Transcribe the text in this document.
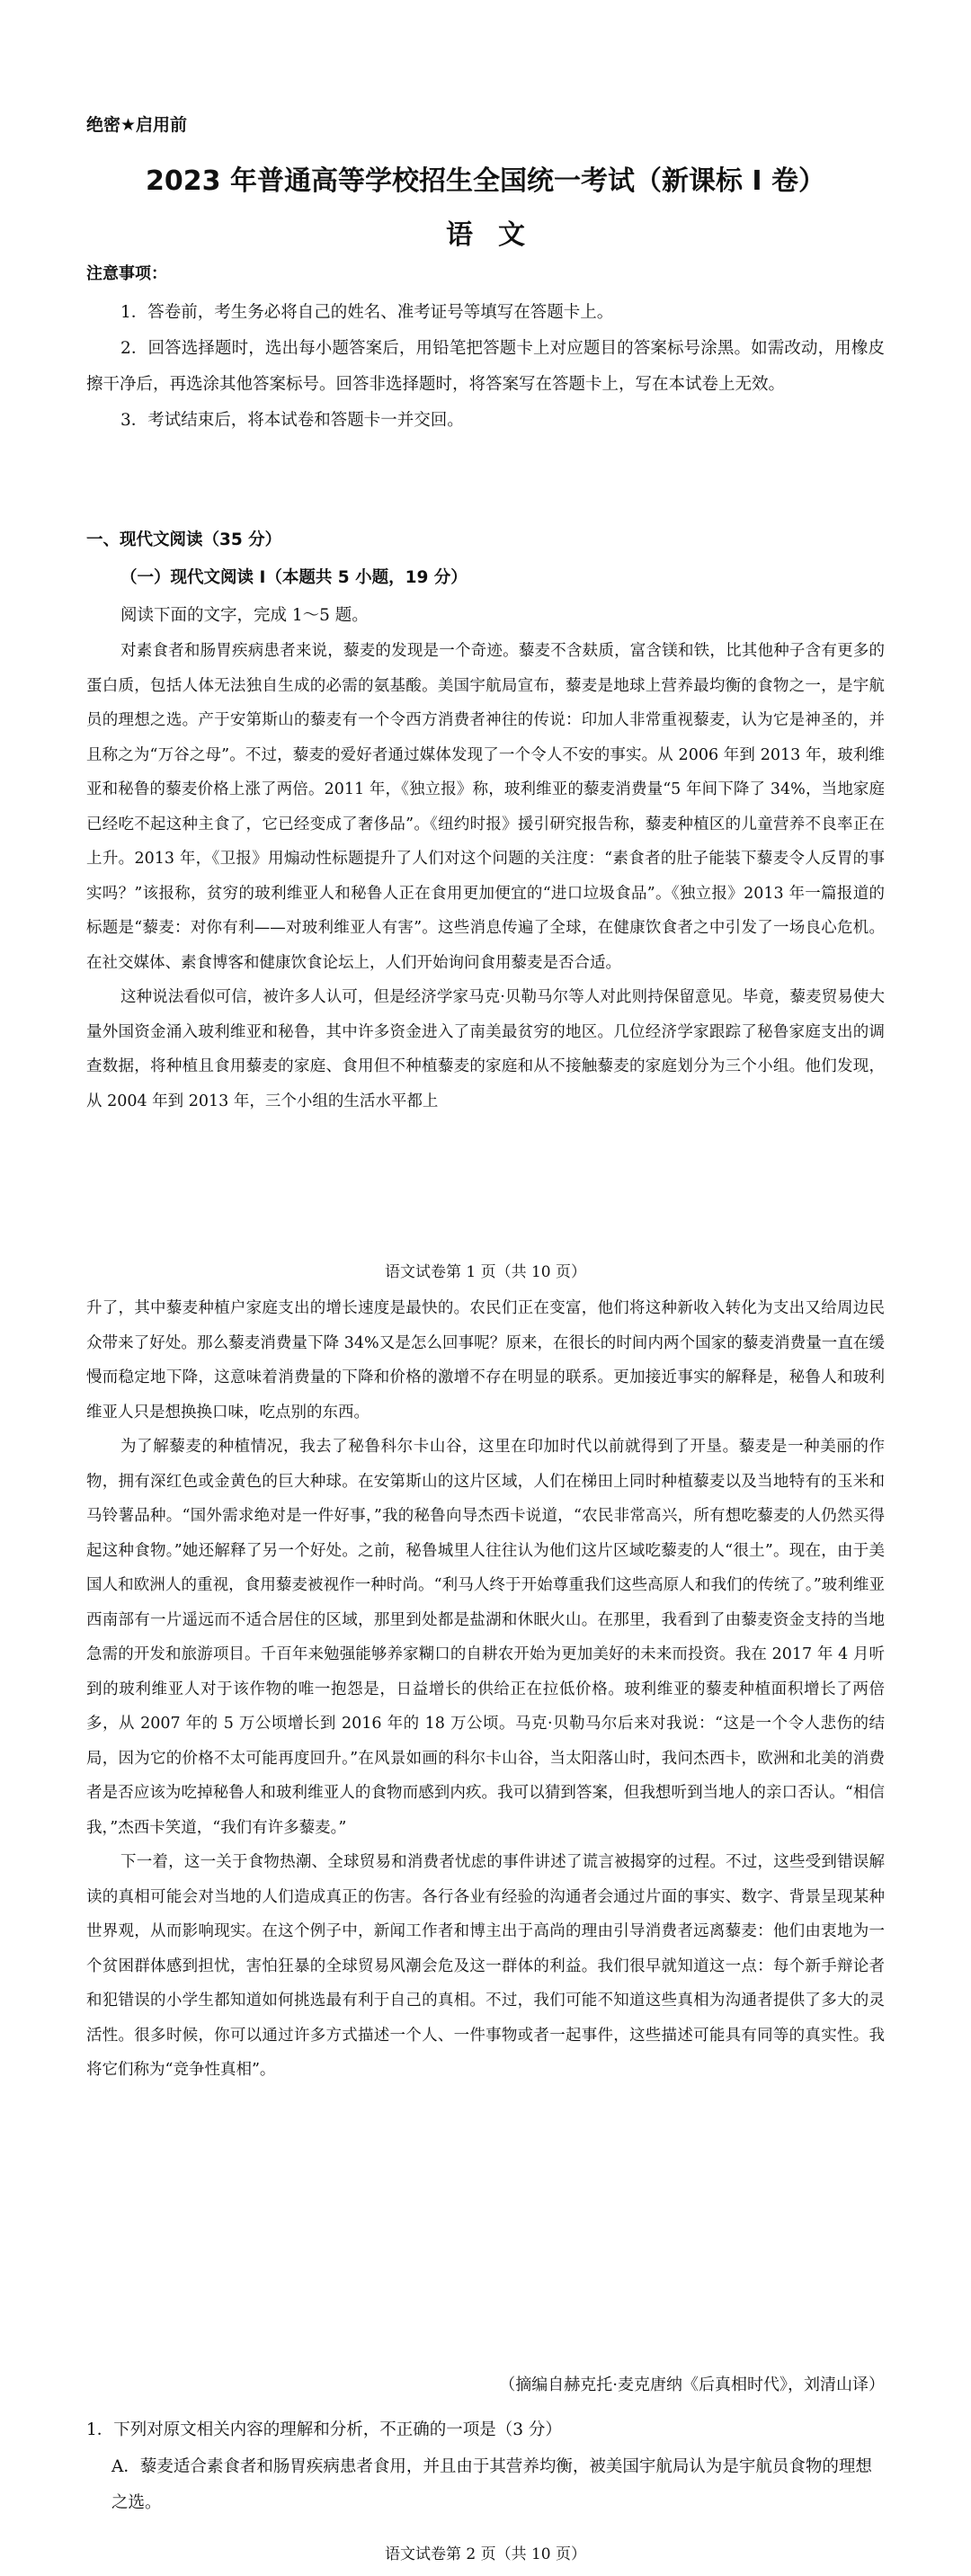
绝密★启用前
2023 年普通高等学校招生全国统一考试（新课标 I 卷）
语文
注意事项：

1．答卷前，考生务必将自己的姓名、准考证号等填写在答题卡上。

2．回答选择题时，选出每小题答案后，用铅笔把答题卡上对应题目的答案标号涂黑。如需改动，用橡皮擦干净后，再选涂其他答案标号。回答非选择题时，将答案写在答题卡上，写在本试卷上无效。

3．考试结束后，将本试卷和答题卡一并交回。

一、现代文阅读（35 分）
（一）现代文阅读 I（本题共 5 小题，19 分）
阅读下面的文字，完成 1～5 题。

对素食者和肠胃疾病患者来说，藜麦的发现是一个奇迹。藜麦不含麸质，富含镁和铁，比其他种子含有更多的蛋白质，包括人体无法独自生成的必需的氨基酸。美国宇航局宣布，藜麦是地球上营养最均衡的食物之一，是宇航员的理想之选。产于安第斯山的藜麦有一个令西方消费者神往的传说：印加人非常重视藜麦，认为它是神圣的，并且称之为“万谷之母”。不过，藜麦的爱好者通过媒体发现了一个令人不安的事实。从 2006 年到 2013 年，玻利维亚和秘鲁的藜麦价格上涨了两倍。2011 年，《独立报》称，玻利维亚的藜麦消费量“5 年间下降了 34%，当地家庭已经吃不起这种主食了，它已经变成了奢侈品”。《纽约时报》援引研究报告称，藜麦种植区的儿童营养不良率正在上升。2013 年，《卫报》用煽动性标题提升了人们对这个问题的关注度：“素食者的肚子能装下藜麦令人反胃的事实吗？”该报称，贫穷的玻利维亚人和秘鲁人正在食用更加便宜的“进口垃圾食品”。《独立报》2013 年一篇报道的标题是“藜麦：对你有利——对玻利维亚人有害”。这些消息传遍了全球，在健康饮食者之中引发了一场良心危机。在社交媒体、素食博客和健康饮食论坛上，人们开始询问食用藜麦是否合适。

这种说法看似可信，被许多人认可，但是经济学家马克·贝勒马尔等人对此则持保留意见。毕竟，藜麦贸易使大量外国资金涌入玻利维亚和秘鲁，其中许多资金进入了南美最贫穷的地区。几位经济学家跟踪了秘鲁家庭支出的调查数据，将种植且食用藜麦的家庭、食用但不种植藜麦的家庭和从不接触藜麦的家庭划分为三个小组。他们发现，从 2004 年到 2013 年，三个小组的生活水平都上

语文试卷第 1 页（共 10 页）

升了，其中藜麦种植户家庭支出的增长速度是最快的。农民们正在变富，他们将这种新收入转化为支出又给周边民众带来了好处。那么藜麦消费量下降 34%又是怎么回事呢？原来，在很长的时间内两个国家的藜麦消费量一直在缓慢而稳定地下降，这意味着消费量的下降和价格的激增不存在明显的联系。更加接近事实的解释是，秘鲁人和玻利维亚人只是想换换口味，吃点别的东西。

为了解藜麦的种植情况，我去了秘鲁科尔卡山谷，这里在印加时代以前就得到了开垦。藜麦是一种美丽的作物，拥有深红色或金黄色的巨大种球。在安第斯山的这片区域，人们在梯田上同时种植藜麦以及当地特有的玉米和马铃薯品种。“国外需求绝对是一件好事，”我的秘鲁向导杰西卡说道，“农民非常高兴，所有想吃藜麦的人仍然买得起这种食物。”她还解释了另一个好处。之前，秘鲁城里人往往认为他们这片区域吃藜麦的人“很土”。现在，由于美国人和欧洲人的重视，食用藜麦被视作一种时尚。“利马人终于开始尊重我们这些高原人和我们的传统了。”玻利维亚西南部有一片遥远而不适合居住的区域，那里到处都是盐湖和休眠火山。在那里，我看到了由藜麦资金支持的当地急需的开发和旅游项目。千百年来勉强能够养家糊口的自耕农开始为更加美好的未来而投资。我在 2017 年 4 月听到的玻利维亚人对于该作物的唯一抱怨是，日益增长的供给正在拉低价格。玻利维亚的藜麦种植面积增长了两倍多，从 2007 年的 5 万公顷增长到 2016 年的 18 万公顷。马克·贝勒马尔后来对我说：“这是一个令人悲伤的结局，因为它的价格不太可能再度回升。”在风景如画的科尔卡山谷，当太阳落山时，我问杰西卡，欧洲和北美的消费者是否应该为吃掉秘鲁人和玻利维亚人的食物而感到内疚。我可以猜到答案，但我想听到当地人的亲口否认。“相信我，”杰西卡笑道，“我们有许多藜麦。”

下一着，这一关于食物热潮、全球贸易和消费者忧虑的事件讲述了谎言被揭穿的过程。不过，这些受到错误解读的真相可能会对当地的人们造成真正的伤害。各行各业有经验的沟通者会通过片面的事实、数字、背景呈现某种世界观，从而影响现实。在这个例子中，新闻工作者和博主出于高尚的理由引导消费者远离藜麦：他们由衷地为一个贫困群体感到担忧，害怕狂暴的全球贸易风潮会危及这一群体的利益。我们很早就知道这一点：每个新手辩论者和犯错误的小学生都知道如何挑选最有利于自己的真相。不过，我们可能不知道这些真相为沟通者提供了多大的灵活性。很多时候，你可以通过许多方式描述一个人、一件事物或者一起事件，这些描述可能具有同等的真实性。我将它们称为“竞争性真相”。

（摘编自赫克托·麦克唐纳《后真相时代》，刘清山译）
1．下列对原文相关内容的理解和分析，不正确的一项是（3 分）
A．藜麦适合素食者和肠胃疾病患者食用，并且由于其营养均衡，被美国宇航局认为是宇航员食物的理想之选。
语文试卷第 2 页（共 10 页）
